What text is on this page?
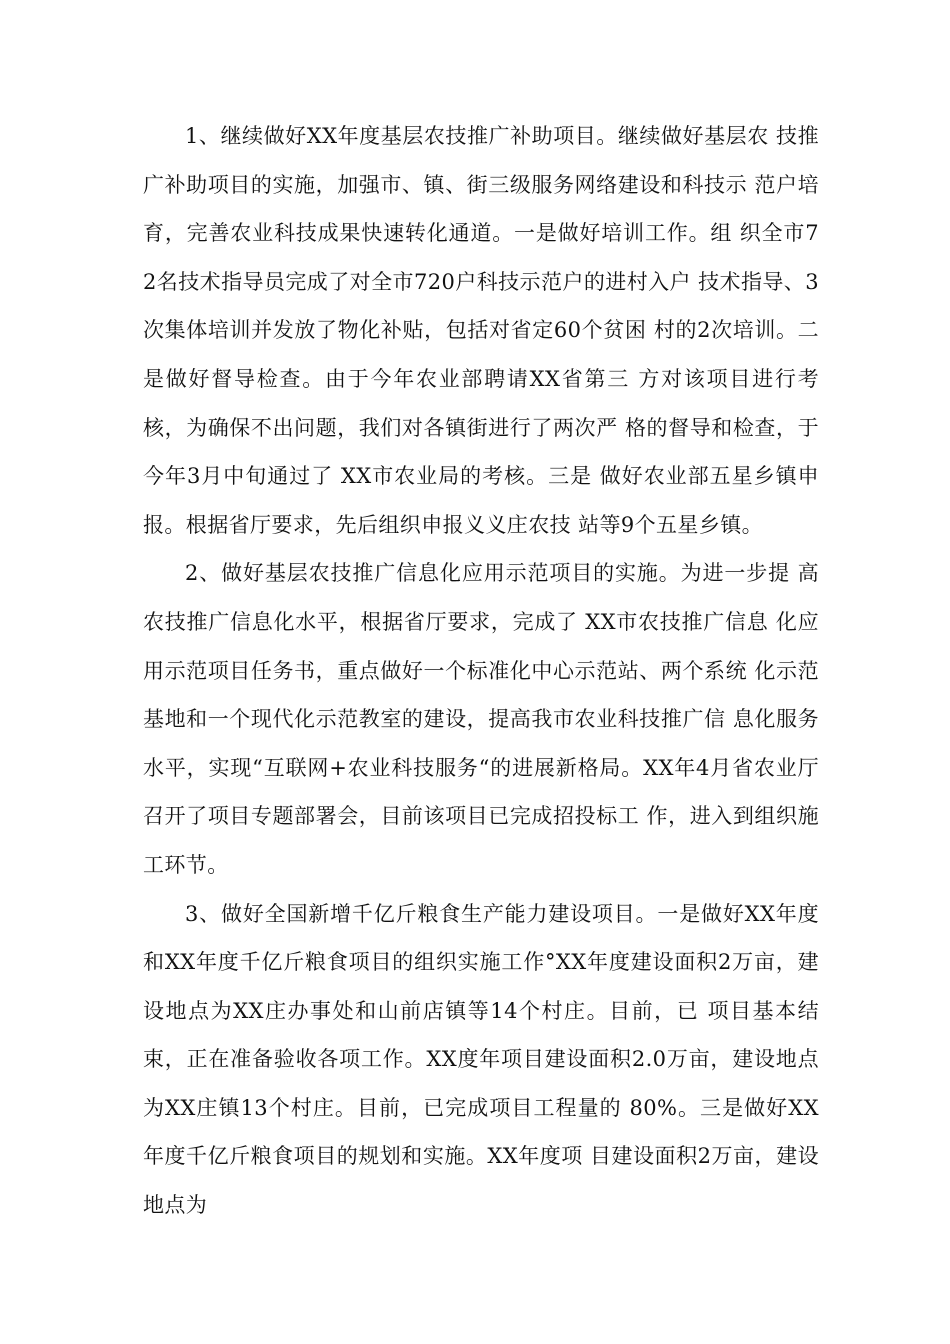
1、继续做好XX年度基层农技推广补助项目。继续做好基层农 技推广补助项目的实施，加强市、镇、街三级服务网络建设和科技示 范户培育，完善农业科技成果快速转化通道。一是做好培训工作。组 织全市72名技术指导员完成了对全市720户科技示范户的进村入户 技术指导、3次集体培训并发放了物化补贴，包括对省定60个贫困 村的2次培训。二是做好督导检查。由于今年农业部聘请XX省第三 方对该项目进行考核，为确保不出问题，我们对各镇街进行了两次严 格的督导和检查，于今年3月中旬通过了 XX市农业局的考核。三是 做好农业部五星乡镇申报。根据省厅要求，先后组织申报义义庄农技 站等9个五星乡镇。

2、做好基层农技推广信息化应用示范项目的实施。为进一步提 高农技推广信息化水平，根据省厅要求，完成了 XX市农技推广信息 化应用示范项目任务书，重点做好一个标准化中心示范站、两个系统 化示范基地和一个现代化示范教室的建设，提高我市农业科技推广信 息化服务水平，实现“互联网+农业科技服务“的进展新格局。XX年4月省农业厅召开了项目专题部署会，目前该项目已完成招投标工 作，进入到组织施工环节。

3、做好全国新增千亿斤粮食生产能力建设项目。一是做好XX年度和XX年度千亿斤粮食项目的组织实施工作°XX年度建设面积2万亩，建设地点为XX庄办事处和山前店镇等14个村庄。目前，已 项目基本结束，正在准备验收各项工作。XX度年项目建设面积2.0万亩，建设地点为XX庄镇13个村庄。目前，已完成项目工程量的 80%。三是做好XX年度千亿斤粮食项目的规划和实施。XX年度项 目建设面积2万亩，建设地点为
